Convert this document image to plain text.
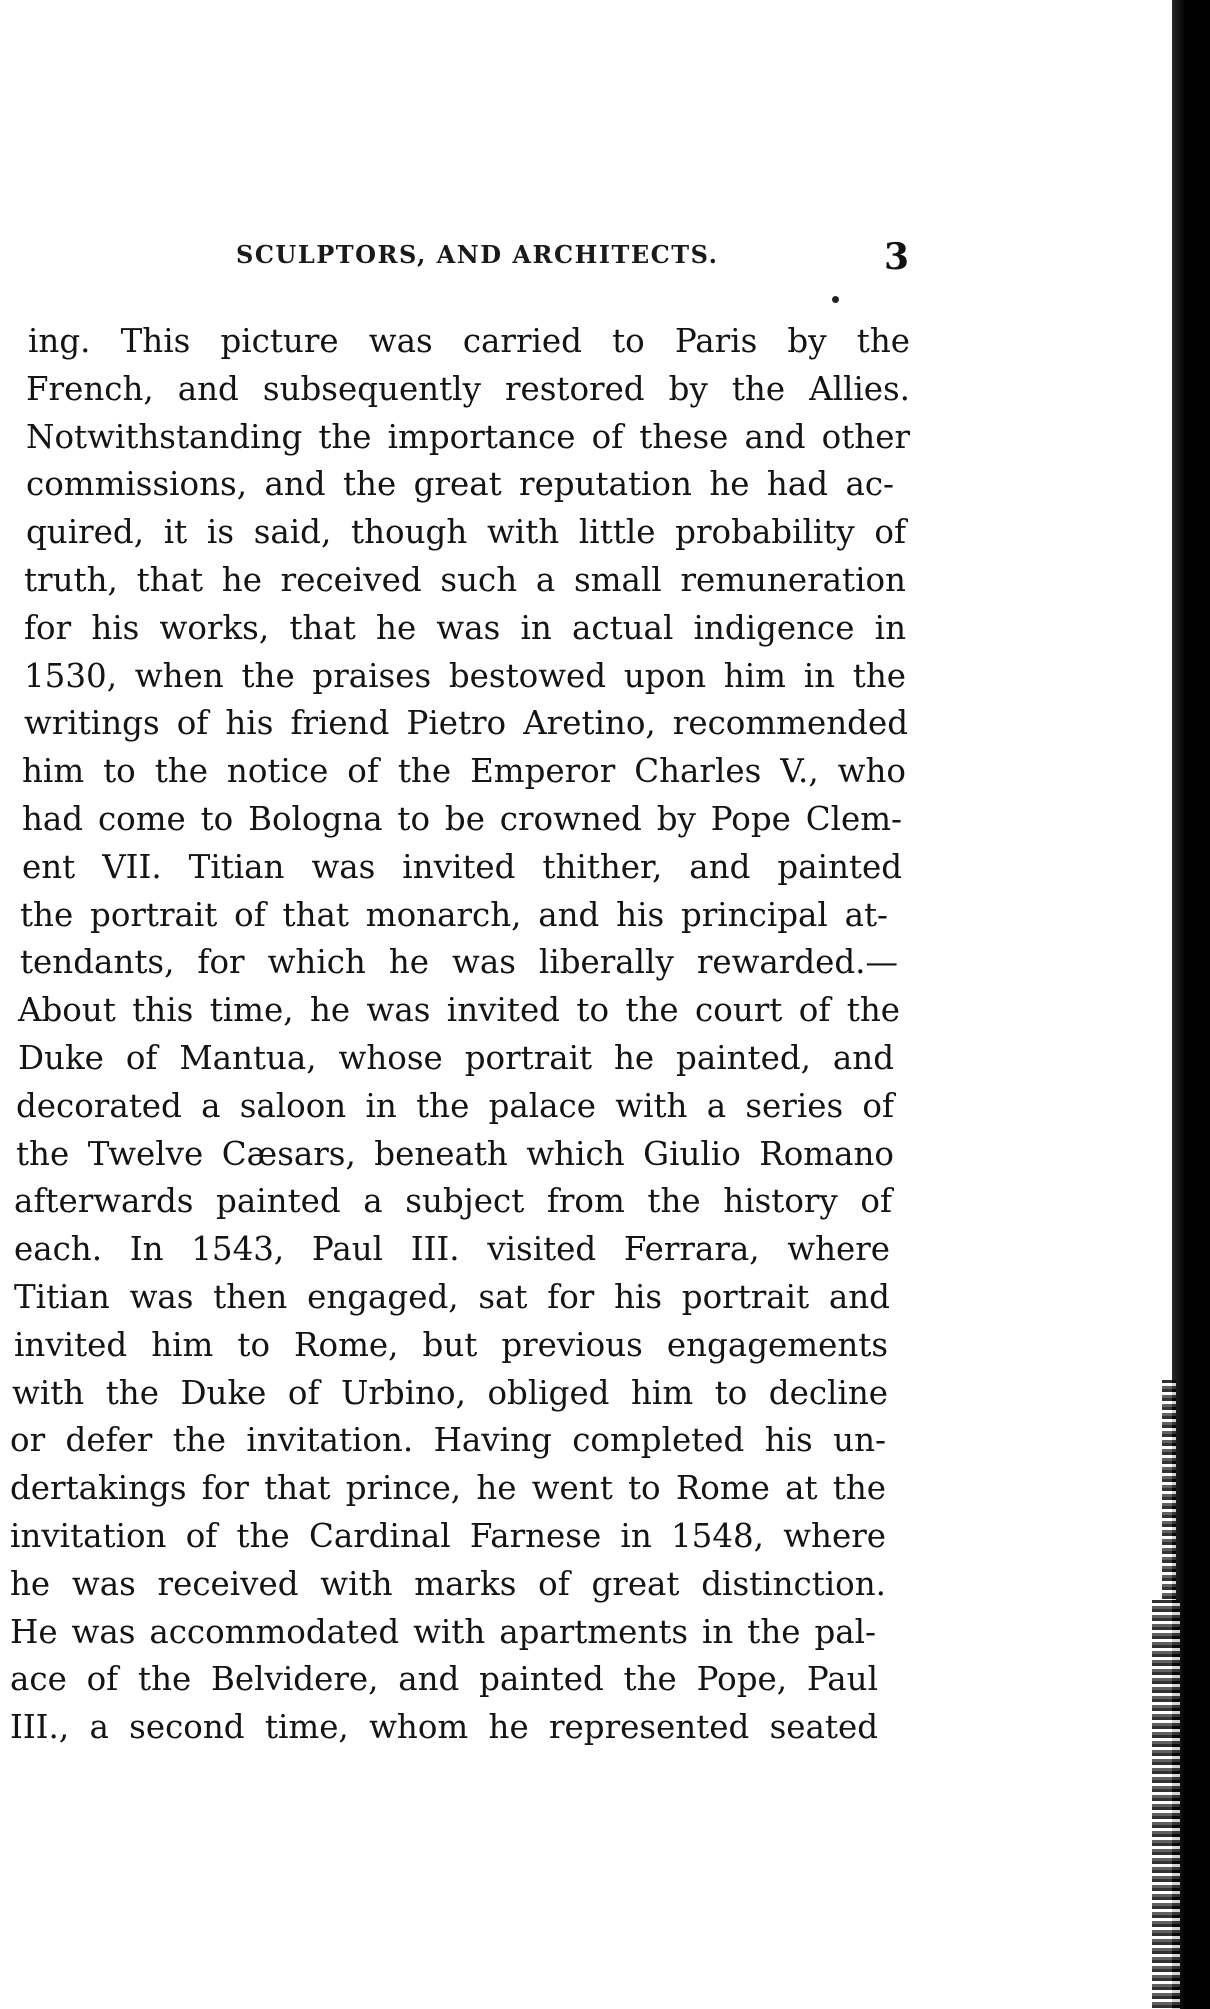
SCULPTORS, AND ARCHITECTS.	3
ing. This picture was carried to Paris by the
French, and subsequently restored by the Allies.
Notwithstanding the importance of these and other
commissions, and the great reputation he had ac-
quired, it is said, though with little probability of
truth, that he received such a small remuneration
for his works, that he was in actual indigence in
1530, when the praises bestowed upon him in the
writings of his friend Pietro Aretino, recommended
him to the notice of the Emperor Charles V., who
had come to Bologna to be crowned by Pope Clem-
ent VII. Titian was invited thither, and painted
the portrait of that monarch, and his principal at-
tendants, for which he was liberally rewarded.—
About this time, he was invited to the court of the
Duke of Mantua, whose portrait he painted, and
decorated a saloon in the palace with a series of
the Twelve Cæsars, beneath which Giulio Romano
afterwards painted a subject from the history of
each. In 1543, Paul III. visited Ferrara, where
Titian was then engaged, sat for his portrait and
invited him to Rome, but previous engagements
with the Duke of Urbino, obliged him to decline
or defer the invitation. Having completed his un-
dertakings for that prince, he went to Rome at the
invitation of the Cardinal Farnese in 1548, where
he was received with marks of great distinction.
He was accommodated with apartments in the pal-
ace of the Belvidere, and painted the Pope, Paul
III., a second time, whom he represented seated
